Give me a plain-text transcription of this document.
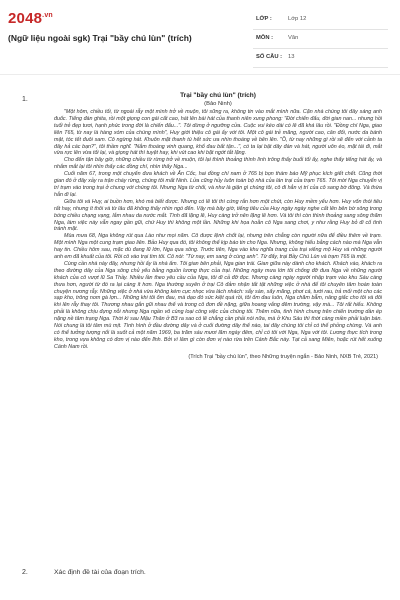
$2048^{.vn}$
(Ngữ liệu ngoài sgk) Trại "bầy chú lùn" (trích)
LỚP :	Lớp 12
MÔN :	Văn
SỐ CÂU : 13
1.
Trại "bầy chú lùn" (trích)
(Bảo Ninh)

"Một hôm, chiều tối, từ ngoài rẫy một mình trở về muộn, tôi sững ra, không tin vào mắt mình nữa. Cặn nhà chúng tôi đây sáng anh đuốc. Tiếng đàn ghita, rồi một giọng con gái cất cao, hát lên bài hát của thanh niên xung phong: "Đời chiến đấu, đời gian nan... nhưng hồi tuổi trẻ đẹp tươi, hạnh phúc trong đời là chiến đấu...". Tôi dừng ở ngưỡng cửa. Cuộc vui kéo dài có lẽ đã khá lâu rồi. "Đồng chí Nga, giao liên T65, từ nay là hàng xóm của chúng mình", Huy giới thiệu cô gái ấy với tôi. Một cô gái trẻ măng, người cao, cân đối, nước da bánh mật, tóc tết đuôi sam. Cô ngừng hát. Khuôn mặt thanh tú hết sức ưa nhìn thoáng về bên lên. "Ồ, từ nay những gì rồi sẽ đến với cảnh ta đây hả các bạn?", tôi thầm nghĩ. "Nắm thoáng vinh quang, khổ đau bất tận...", có ta lại bật dây đàn và hát, người uôn éo, mặt tái đi, mắt vừa rực lên vừa tối lại, và giọng hát thì tuyệt hay, khi vút cao khi bặt ngớt tắt lặng.

Cho đến tận bây giờ, những chiều từ rừng trở về muộn, tôi lại thình thoảng thình lình trông thấy buổi tối ấy, nghe thấy tiếng hát ấy, và nhắm mắt lại tôi nhìn thấy các đồng chí, nhìn thấy Nga...

Cuối năm 67, trong một chuyến đưa khách về Ân Cốc, hai đồng chí nam ở 765 bị bọn thám báo Mỹ phục kích giết chết. Cũng thời gian đó ở đây xảy ra trận cháy rừng, chúng tôi mất Ninh. Lửa cũng hủy luôn toàn bộ nhà của lán trại của trạm T65. Tôi mời Nga chuyển vị trí trạm vào trong trại ở chung với chúng tôi. Nhưng Nga từ chối, và như là giận gì chúng tôi, cô đi hẳn vị trí của cô sang bờ đông. Và thừa hẳn đi lại.

Giữa tôi và Huy, ai buồn hơn, khó mà biết được. Nhưng có lẽ tôi thì cứng rắn hơn một chút, còn Huy mềm yếu hơn. Huy vốn thói tiêu rất hay, nhưng ít thôi và từ lâu đã không thấy nhìn ngó đến. Vậy mà bây giờ, tiếng tiêu của Huy ngày ngày nghe cất lên bên bờ sông trong bóng chiều chạng vạng, lắm nhau da nước mắt. Tình đã lặng lẽ, Huy càng trở nên lặng lẽ hơn. Và tôi thì còn thình thoảng sang sông thăm Nga, làm việc này vẫn ngay gần gũi, chứ Huy thì không một lần. Những khi họa hoằn cô Nga sang chơi, y như rằng Huy bỏ đi cố tình tránh mặt.

Mùa mưa 68, Nga không rút qua Lào như mọi năm. Cô được lệnh chốt lại, nhưng trên chẳng còn người nữa để điều thêm về trạm. Một mình Nga một cung trạm giao liên. Bảo Huy qua đó, tôi không thể kịp báo tin cho Nga. Nhưng, không hiểu bằng cách nào mà Nga vẫn hay tin. Chiều hôm sau, mặc dù đang lũ lớn, Nga qua sông. Trước tiên, Nga vào khu nghĩa trang của trại viếng mộ Huy và những người anh em đã khuất của tôi. Rồi cô vào trại tìm tôi. Cô nói: "Từ nay, em sang ở cùng anh". Từ đấy, trại Bầy Chú Lùn và trạm T65 là một.

Cùng cần nhà này đây, nhưng hồi ấy là nhà ấm. Tôi gian bên phải, Nga gian trái. Gian giữa này dành cho khách. Khách vào, khách ra theo đường dây của Nga sông chủ yếu bằng nguồn lương thực của trại. Những ngày mưa lớn tôi chống đỡ đưa Nga về những người khách của cô vượt lũ Sa Thầy. Nhiều lần theo yêu cầu của Nga, tôi đi cả đỡ đọc. Nhưng càng ngày người nhập trạm vào khu Sáu càng thưa hơn, người từ đó ra lại càng ít hơn. Nga thường xuyên ở trại Cô đảm nhận tất tật những việc ở nhà để tôi chuyên tâm hoàn toàn chuyện nương rẫy. Những việc ở nhà vừa không kém cực nhọc vừa lách nhách: sẩy sàn, sấy măng, phơi cá, tưới rau, trả mối một cho các sạp kho, trông nom gà lợn... Những khi tôi ốm đau, mà dạo đó sức kiệt quá rồi, tôi ốm đau luôn, Nga chăm bẵm, nâng giấc cho tôi và đôi khi lên rẫy thay tôi. Thương nhau gắn gũi nhau thế và trong cô đơn đề nặng, giữa hoang vắng đêm trường, vậy mà... Tôi rất hiểu. Không phải là không chịu đựng nỗi nhưng Nga ngần vô cùng loại công việc của chúng tôi. Thêm nữa, tình hình chung trên chiến trường dần ép nặng nề tâm trạng Nga. Thời kì sau Mậu Thân ở B3 ra sao có lẽ chẳng cần phải nói nữa, mà ở Khu Sáu thì thời càng miền phải luận bàn. Nói chung là tôi tâm mù mịt. Tình hình ở đầu đường dây và ở cuối đường dây thế nào, tai đây chúng tôi chỉ có thể phỏng chừng. Và anh có thể tưởng tượng nổi là suốt cả một năm 1969, ba trăm sáu mươi lăm ngày đêm, chỉ có tôi với Nga, Nga với tôi. Lương thực tích trong kho, trong vựa không có đơn vị nào đến lĩnh. Bởi vì lâm gì còn đơn vị nào rừa trên Cánh Bắc này. Tạt cả sang Miên, hoặc rút hết xuống Cánh Nam rồi.

(Trích Trại "bầy chú lùn", theo Những truyện ngắn - Bảo Ninh, NXB Trẻ, 2021)
2.	Xác định đề tài của đoạn trích.
